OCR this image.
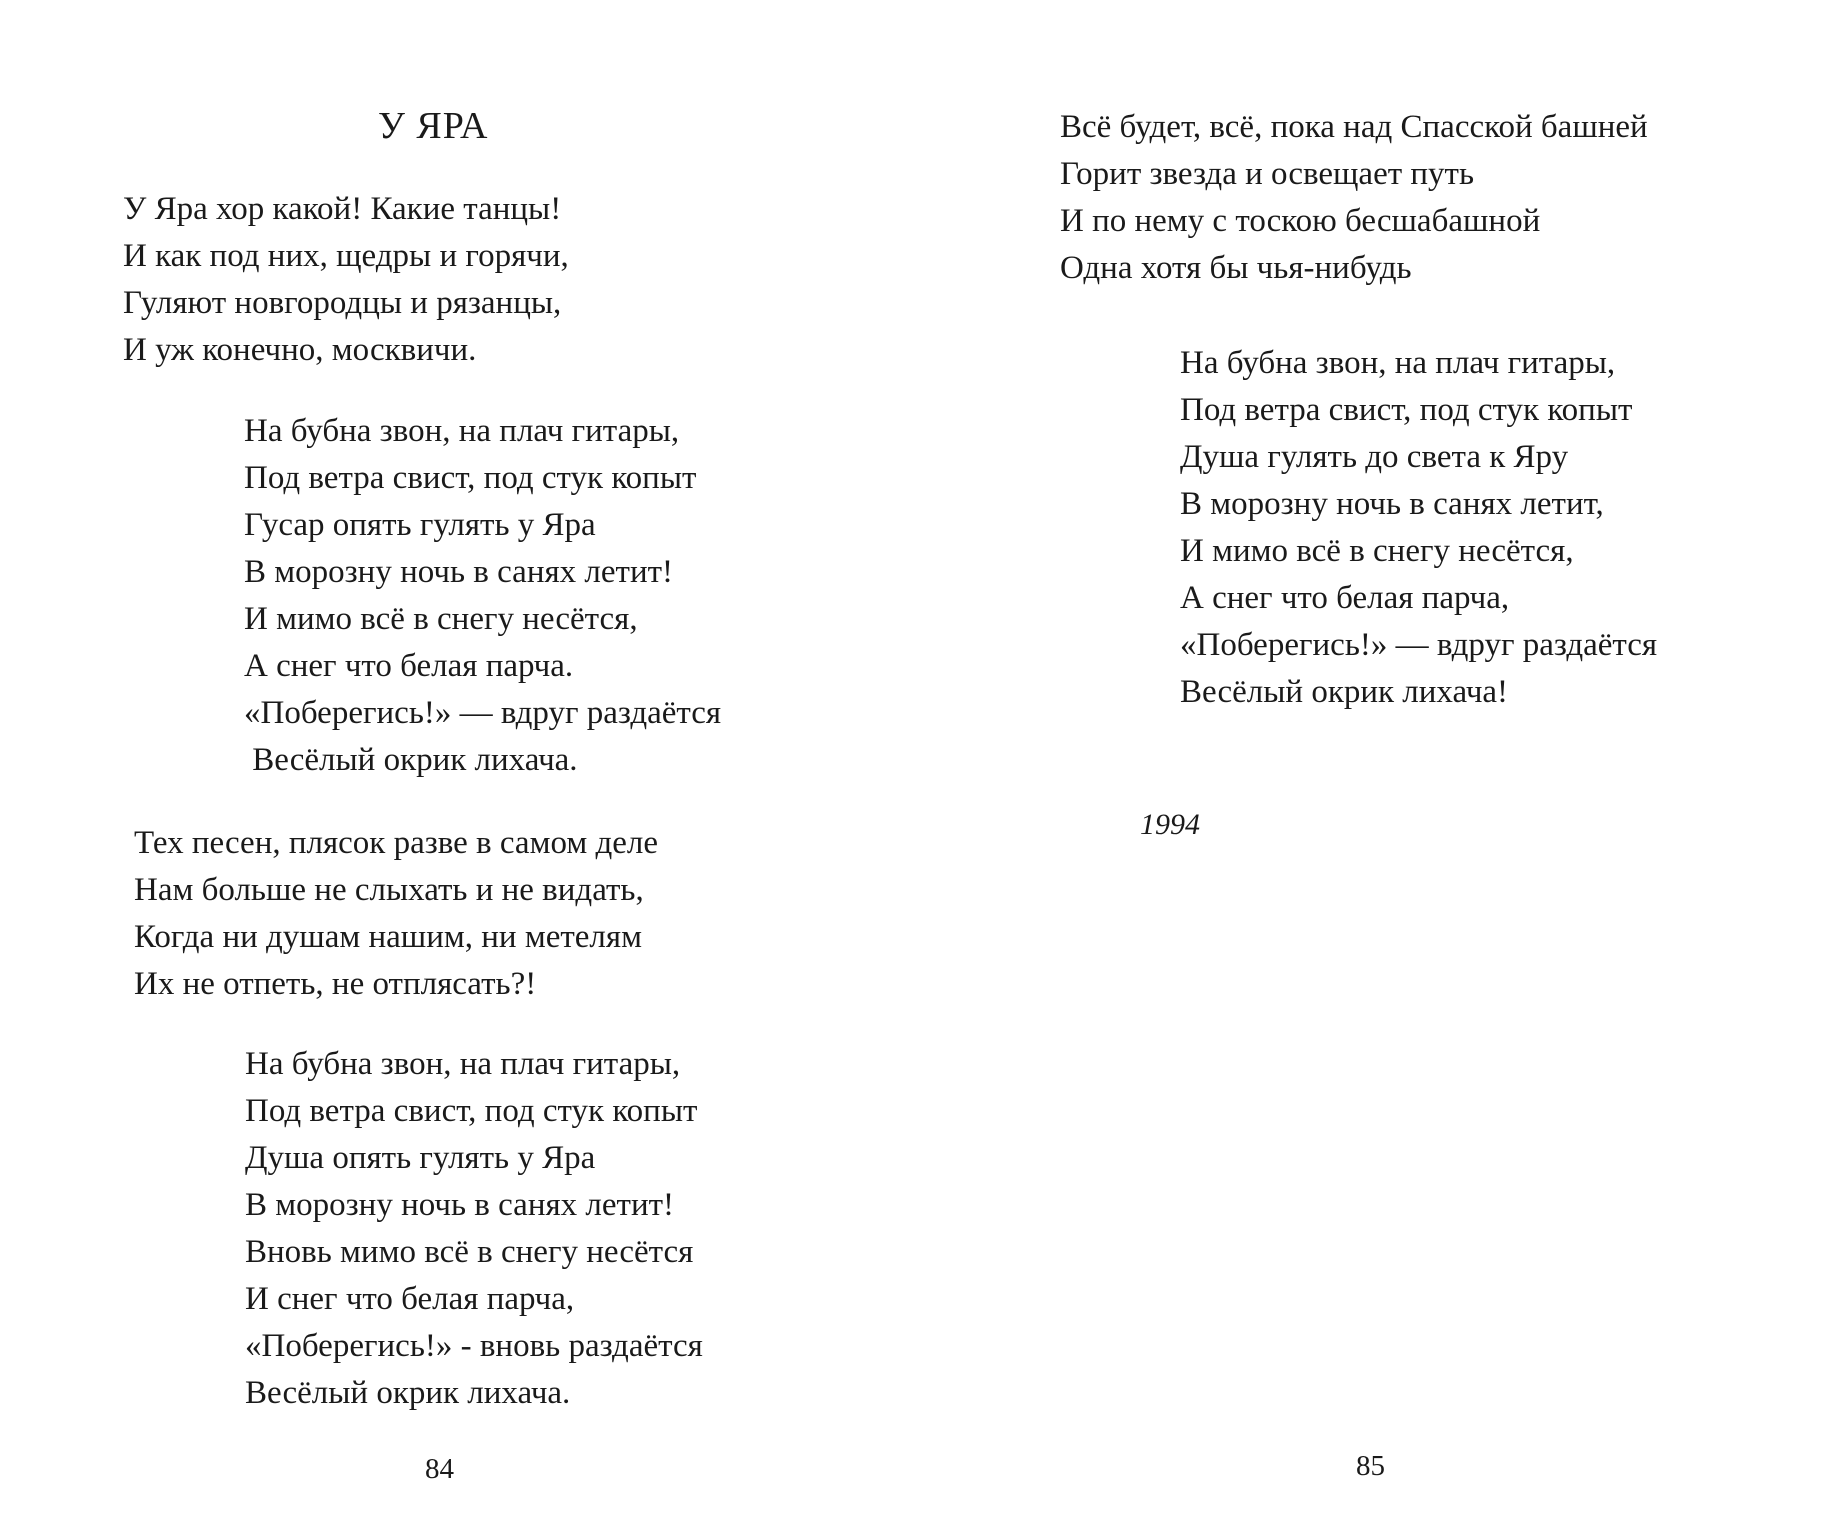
У ЯРА
У Яра хор какой! Какие танцы!
И как под них, щедры и горячи,
Гуляют новгородцы и рязанцы,
И уж конечно, москвичи.
На бубна звон, на плач гитары,
Под ветра свист, под стук копыт
Гусар опять гулять у Яра
В морозну ночь в санях летит!
И мимо всё в снегу несётся,
А снег что белая парча.
«Поберегись!» — вдруг раздаётся
Весёлый окрик лихача.
Тех песен, плясок разве в самом деле
Нам больше не слыхать и не видать,
Когда ни душам нашим, ни метелям
Их не отпеть, не отплясать?!
На бубна звон, на плач гитары,
Под ветра свист, под стук копыт
Душа опять гулять у Яра
В морозну ночь в санях летит!
Вновь мимо всё в снегу несётся
И снег что белая парча,
«Поберегись!» - вновь раздаётся
Весёлый окрик лихача.
84
Всё будет, всё, пока над Спасской башней
Горит звезда и освещает путь
И по нему с тоскою бесшабашной
Одна хотя бы чья-нибудь
На бубна звон, на плач гитары,
Под ветра свист, под стук копыт
Душа гулять до света к Яру
В морозну ночь в санях летит,
И мимо всё в снегу несётся,
А снег что белая парча,
«Поберегись!» — вдруг раздаётся
Весёлый окрик лихача!
1994
85
